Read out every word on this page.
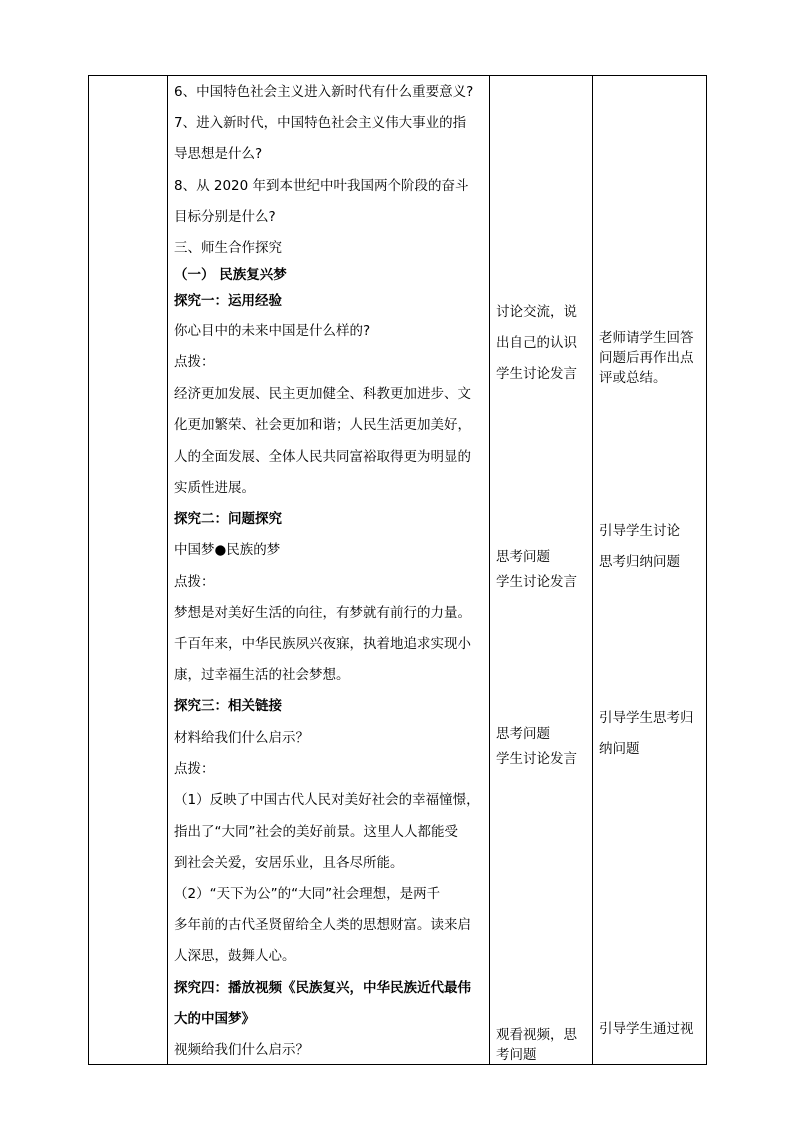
6、中国特色社会主义进入新时代有什么重要意义?
7、进入新时代，中国特色社会主义伟大事业的指
导思想是什么?
8、从 2020 年到本世纪中叶我国两个阶段的奋斗
目标分别是什么?
三、师生合作探究
（一） 民族复兴梦
探究一：运用经验
你心目中的未来中国是什么样的?
点拨：
经济更加发展、民主更加健全、科教更加进步、文
化更加繁荣、社会更加和谐；人民生活更加美好，
人的全面发展、全体人民共同富裕取得更为明显的
实质性进展。
探究二：问题探究
中国梦●民族的梦
点拨：
梦想是对美好生活的向往，有梦就有前行的力量。
千百年来，中华民族夙兴夜寐，执着地追求实现小
康，过幸福生活的社会梦想。
探究三：相关链接
材料给我们什么启示？
点拨：
（1）反映了中国古代人民对美好社会的幸福憧憬，
指出了“大同”社会的美好前景。这里人人都能受
到社会关爱，安居乐业，且各尽所能。
（2）“天下为公”的“大同”社会理想，是两千
多年前的古代圣贤留给全人类的思想财富。读来启
人深思，鼓舞人心。
探究四：播放视频《民族复兴，中华民族近代最伟
大的中国梦》
视频给我们什么启示？
讨论交流，说
出自己的认识
学生讨论发言
思考问题
学生讨论发言
思考问题
学生讨论发言
观看视频，思
考问题
老师请学生回答
问题后再作出点
评或总结。
引导学生讨论
思考归纳问题
引导学生思考归
纳问题
引导学生通过视
